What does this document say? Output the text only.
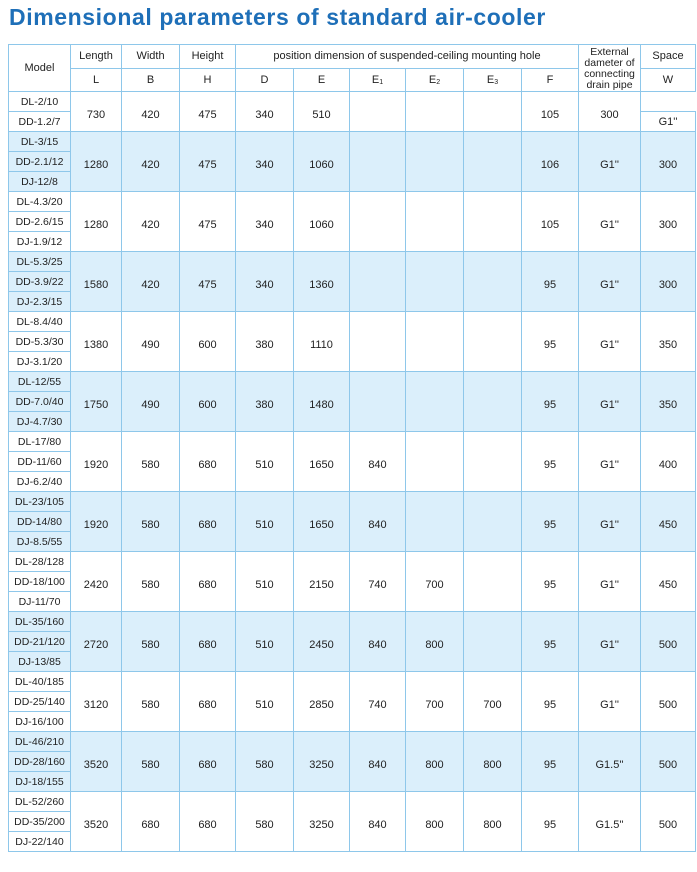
Dimensional parameters of standard air-cooler
Model	Length	Width	Height	position dimension of suspended-ceiling mounting hole						External dameter of connecting drain pipe	Space
	L	B	H	D	E	$E_1$	$E_2$	$E_3$	F		W
DL-2/10	730	420	475	340	510				105	300	
DD-1.2/7											G1''
DL-3/15	1280	420	475	340	1060				106	G1''	300
DD-2.1/12											
DJ-12/8											
DL-4.3/20	1280	420	475	340	1060				105	G1''	300
DD-2.6/15											
DJ-1.9/12											
DL-5.3/25	1580	420	475	340	1360				95	G1''	300
DD-3.9/22											
DJ-2.3/15											
DL-8.4/40	1380	490	600	380	1110				95	G1''	350
DD-5.3/30											
DJ-3.1/20											
DL-12/55	1750	490	600	380	1480				95	G1''	350
DD-7.0/40											
DJ-4.7/30											
DL-17/80	1920	580	680	510	1650	840			95	G1''	400
DD-11/60											
DJ-6.2/40											
DL-23/105	1920	580	680	510	1650	840			95	G1''	450
DD-14/80											
DJ-8.5/55											
DL-28/128	2420	580	680	510	2150	740	700		95	G1''	450
DD-18/100											
DJ-11/70											
DL-35/160	2720	580	680	510	2450	840	800		95	G1''	500
DD-21/120											
DJ-13/85											
DL-40/185	3120	580	680	510	2850	740	700	700	95	G1''	500
DD-25/140											
DJ-16/100											
DL-46/210	3520	580	680	580	3250	840	800	800	95	G1.5''	500
DD-28/160											
DJ-18/155											
DL-52/260	3520	680	680	580	3250	840	800	800	95	G1.5''	500
DD-35/200											
DJ-22/140											
